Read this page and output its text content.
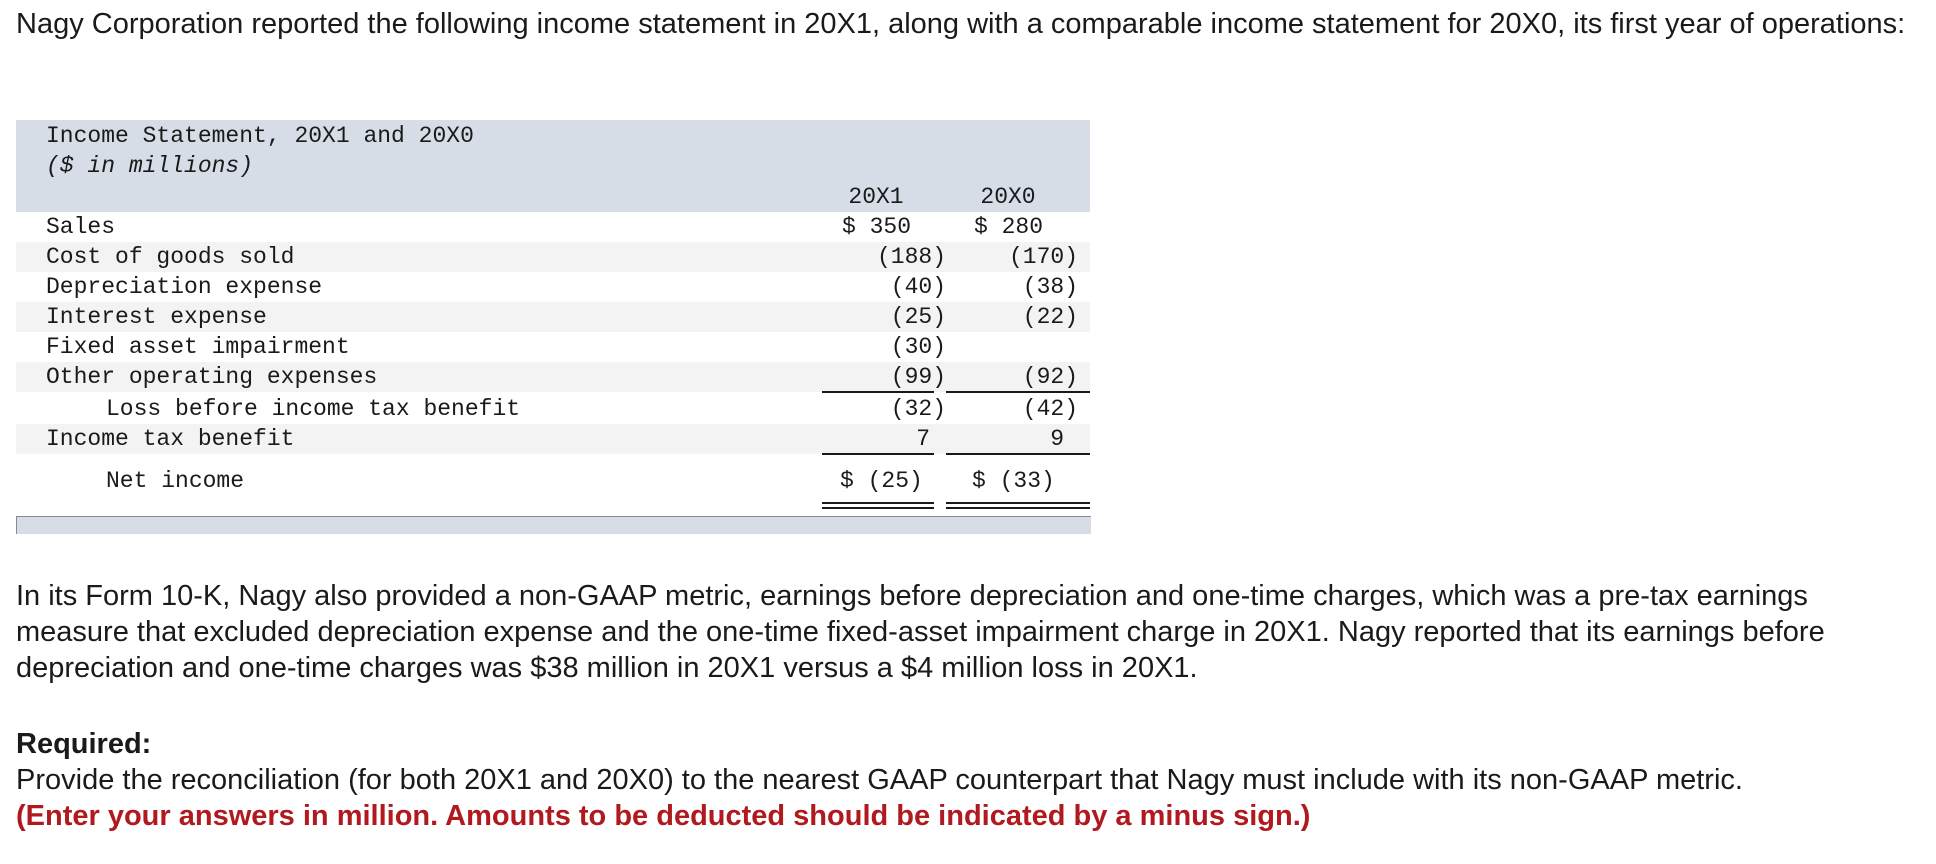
Nagy Corporation reported the following income statement in 20X1, along with a comparable income statement for 20X0, its first year of operations:

Income Statement, 20X1 and 20X0
($ in millions)
20X1	20X0
Sales	$ 350	$ 280
Cost of goods sold	(188)	(170)
Depreciation expense	(40)	(38)
Interest expense	(25)	(22)
Fixed asset impairment	(30)
Other operating expenses	(99)	(92)
Loss before income tax benefit	(32)	(42)
Income tax benefit	7	9
Net income	$ (25)	$ (33)

In its Form 10-K, Nagy also provided a non-GAAP metric, earnings before depreciation and one-time charges, which was a pre-tax earnings measure that excluded depreciation expense and the one-time fixed-asset impairment charge in 20X1. Nagy reported that its earnings before depreciation and one-time charges was $38 million in 20X1 versus a $4 million loss in 20X1.

Required:

Provide the reconciliation (for both 20X1 and 20X0) to the nearest GAAP counterpart that Nagy must include with its non-GAAP metric.

(Enter your answers in million. Amounts to be deducted should be indicated by a minus sign.)
